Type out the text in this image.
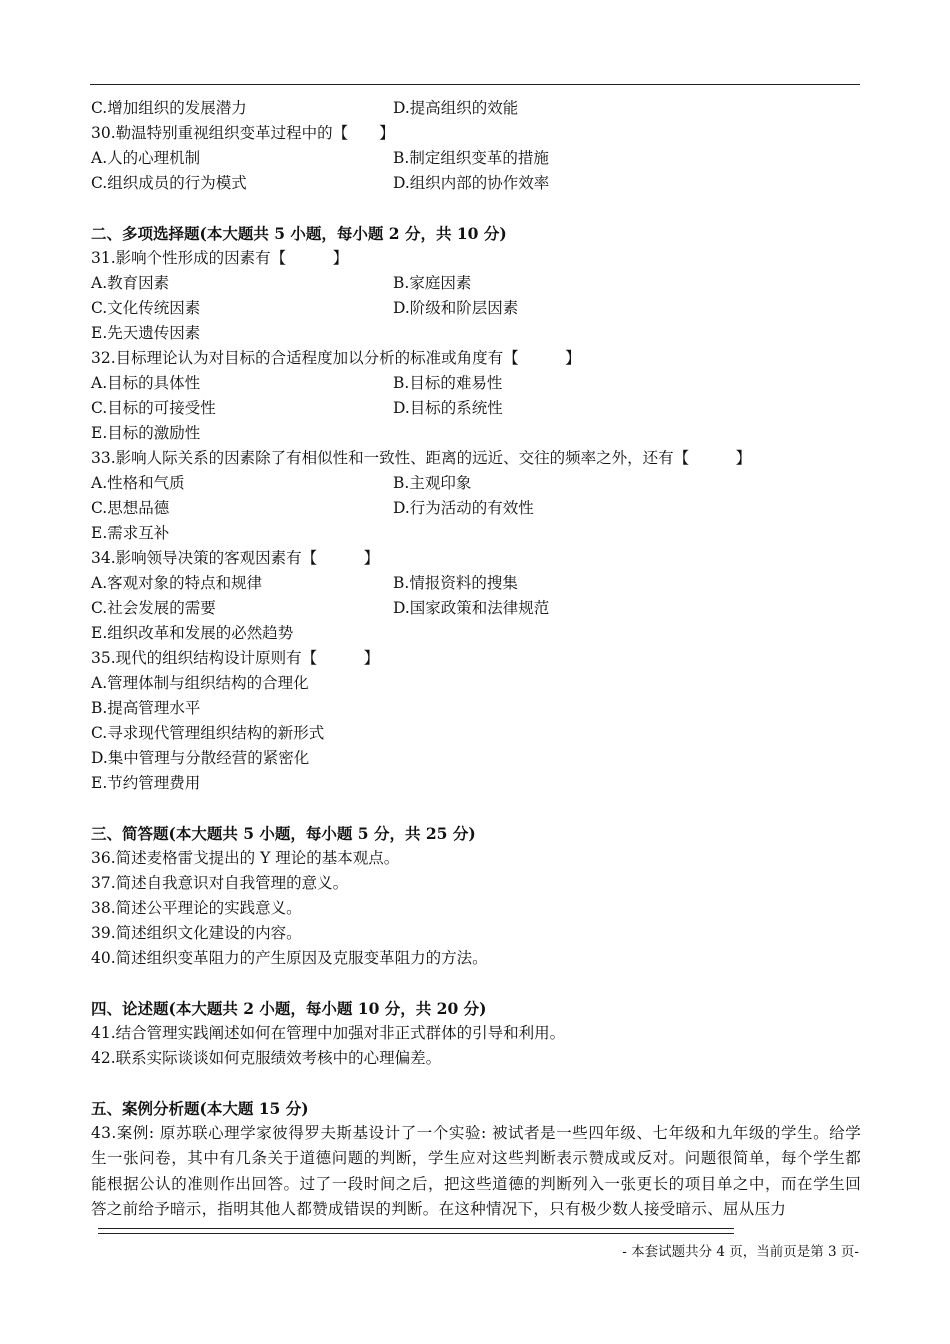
C.增加组织的发展潜力	D.提高组织的效能
30.勒温特别重视组织变革过程中的【　　】
A.人的心理机制	B.制定组织变革的措施
C.组织成员的行为模式	D.组织内部的协作效率
二、多项选择题(本大题共 5 小题，每小题 2 分，共 10 分)
31.影响个性形成的因素有【　　　】
A.教育因素	B.家庭因素
C.文化传统因素	D.阶级和阶层因素
E.先天遗传因素
32.目标理论认为对目标的合适程度加以分析的标准或角度有【　　　】
A.目标的具体性	B.目标的难易性
C.目标的可接受性	D.目标的系统性
E.目标的激励性
33.影响人际关系的因素除了有相似性和一致性、距离的远近、交往的频率之外，还有【　　　】
A.性格和气质	B.主观印象
C.思想品德	D.行为活动的有效性
E.需求互补
34.影响领导决策的客观因素有【　　　】
A.客观对象的特点和规律	B.情报资料的搜集
C.社会发展的需要	D.国家政策和法律规范
E.组织改革和发展的必然趋势
35.现代的组织结构设计原则有【　　　】
A.管理体制与组织结构的合理化
B.提高管理水平
C.寻求现代管理组织结构的新形式
D.集中管理与分散经营的紧密化
E.节约管理费用
三、简答题(本大题共 5 小题，每小题 5 分，共 25 分)
36.简述麦格雷戈提出的 Y 理论的基本观点。
37.简述自我意识对自我管理的意义。
38.简述公平理论的实践意义。
39.简述组织文化建设的内容。
40.简述组织变革阻力的产生原因及克服变革阻力的方法。
四、论述题(本大题共 2 小题，每小题 10 分，共 20 分)
41.结合管理实践阐述如何在管理中加强对非正式群体的引导和利用。
42.联系实际谈谈如何克服绩效考核中的心理偏差。
五、案例分析题(本大题 15 分)
43.案例: 原苏联心理学家彼得罗夫斯基设计了一个实验: 被试者是一些四年级、七年级和九年级的学生。给学生一张问卷，其中有几条关于道德问题的判断，学生应对这些判断表示赞成或反对。问题很简单，每个学生都能根据公认的准则作出回答。过了一段时间之后，把这些道德的判断列入一张更长的项目单之中，而在学生回答之前给予暗示，指明其他人都赞成错误的判断。在这种情况下，只有极少数人接受暗示、屈从压力
- 本套试题共分 4 页，当前页是第 3 页-
